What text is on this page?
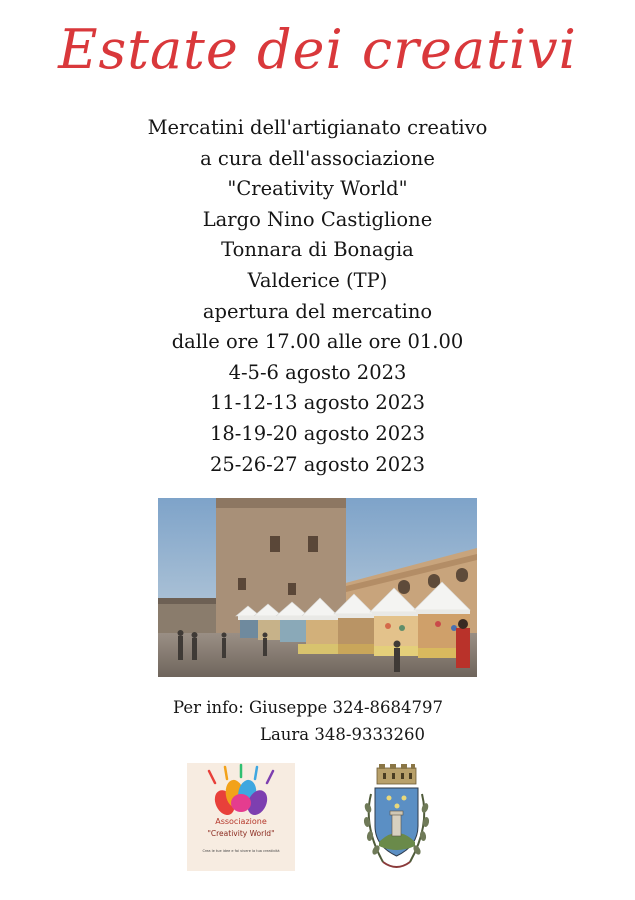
Estate dei creativi
Mercatini dell'artigianato creativo
a cura dell'associazione
"Creativity World"
Largo Nino Castiglione
Tonnara di Bonagia
Valderice (TP)
apertura del mercatino
dalle ore 17.00 alle ore 01.00
4-5-6 agosto 2023
11-12-13 agosto 2023
18-19-20 agosto 2023
25-26-27 agosto 2023
Per info: Giuseppe 324-8684797
Laura 348-9333260
Associazione
"Creativity World"
Crea le tue idee e fai vivere la tua creatività
